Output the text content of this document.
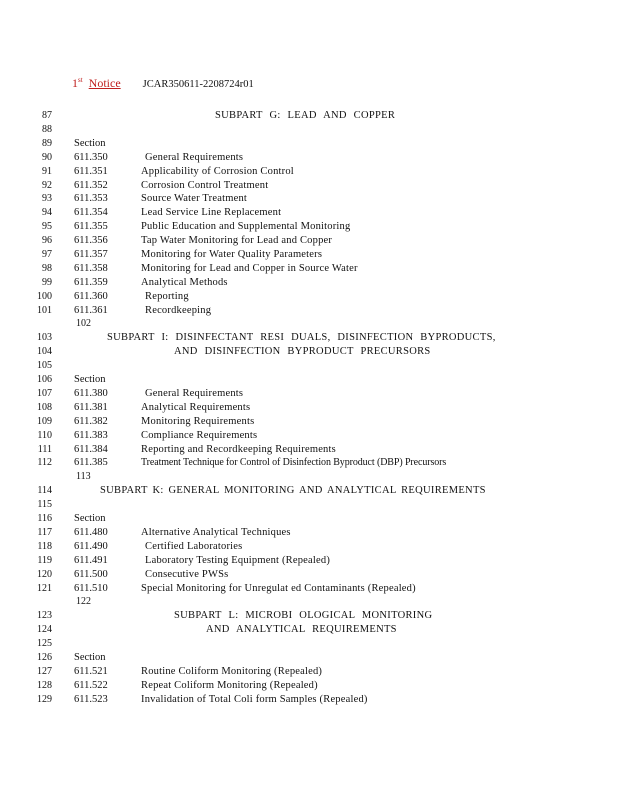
1st Notice JCAR350611-2208724r01
87	SUBPART G: LEAD AND COPPER
88
89 Section
90 611.350	General Requirements
91 611.351	Applicability of Corrosion Control
92 611.352	Corrosion Control Treatment
93 611.353	Source Water Treatment
94 611.354	Lead Service Line Replacement
95 611.355	Public Education and Supplemental Monitoring
96 611.356	Tap Water Monitoring for Lead and Copper
97 611.357	Monitoring for Water Quality Parameters
98 611.358	Monitoring for Lead and Copper in Source Water
99 611.359	Analytical Methods
100 611.360	Reporting
101 611.361	Recordkeeping
102
103	SUBPART I: DISINFECTANT RESI DUALS, DISINFECTION BYPRODUCTS,
104	AND DISINFECTION BYPRODUCT PRECURSORS
105
106 Section
107 611.380	General Requirements
108 611.381	Analytical Requirements
109 611.382	Monitoring Requirements
110 611.383	Compliance Requirements
111 611.384	Reporting and Recordkeeping Requirements
112 611.385	Treatment Technique for Control of Disinfection Byproduct (DBP) Precursors
113
114	SUBPART K: GENERAL MONITORING AND ANALYTICAL REQUIREMENTS
115
116 Section
117 611.480	Alternative Analytical Techniques
118 611.490	Certified Laboratories
119 611.491	Laboratory Testing Equipment (Repealed)
120 611.500	Consecutive PWSs
121 611.510	Special Monitoring for Unregulat ed Contaminants (Repealed)
122
123	SUBPART L: MICROBI OLOGICAL MONITORING
124	AND ANALYTICAL REQUIREMENTS
125
126 Section
127 611.521	Routine Coliform Monitoring (Repealed)
128 611.522	Repeat Coliform Monitoring (Repealed)
129 611.523	Invalidation of Total Coli form Samples (Repealed)
